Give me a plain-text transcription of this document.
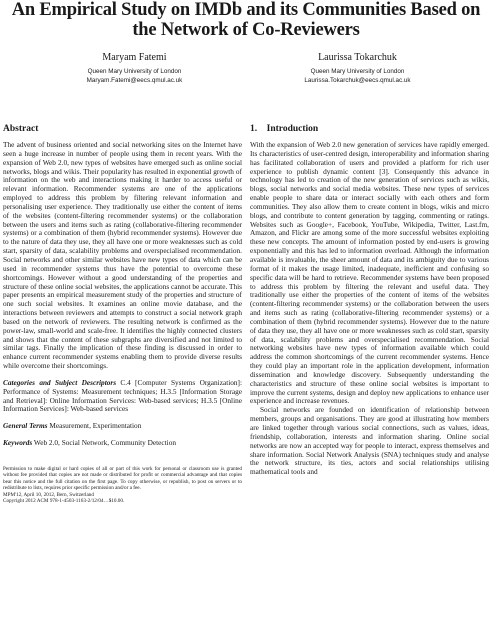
An Empirical Study on IMDb and its Communities Based on the Network of Co-Reviewers
Maryam Fatemi
Queen Mary University of London
Maryam.Fatemi@eecs.qmul.ac.uk
Laurissa Tokarchuk
Queen Mary University of London
Laurissa.Tokarchuk@eecs.qmul.ac.uk
Abstract

The advent of business oriented and social networking sites on the Internet have seen a huge increase in number of people using them in recent years. With the expansion of Web 2.0, new types of websites have emerged such as online social networks, blogs and wikis. Their popularity has resulted in exponential growth of information on the web and interactions making it harder to access useful or relevant information. Recommender systems are one of the applications employed to address this problem by filtering relevant information and personalising user experience. They traditionally use either the content of items of the websites (content-filtering recommender systems) or the collaboration between the users and items such as rating (collaborative-filtering recommender systems) or a combination of them (hybrid recommender systems). However due to the nature of data they use, they all have one or more weaknesses such as cold start, sparsity of data, scalability problems and overspecialised recommendation. Social networks and other similar websites have new types of data which can be used in recommender systems thus have the potential to overcome these shortcomings. However without a good understanding of the properties and structure of these online social websites, the applications cannot be accurate. This paper presents an empirical measurement study of the properties and structure of one such social websites. It examines an online movie database, and the interactions between reviewers and attempts to construct a social network graph based on the network of reviewers. The resulting network is confirmed as the power-law, small-world and scale-free. It identifies the highly connected clusters and shows that the content of these subgraphs are diversified and not limited to similar tags. Finally the implication of these finding is discussed in order to enhance current recommender systems enabling them to provide diverse results while overcome their shortcomings.

Categories and Subject Descriptors C.4 [Computer Systems Organization]: Performance of Systems: Measurement techniques; H.3.5 [Information Storage and Retrieval]: Online Information Services: Web-based services; H.3.5 [Online Information Services]: Web-based services

General Terms Measurement, Experimentation

Keywords Web 2.0, Social Network, Community Detection

Permission to make digital or hard copies of all or part of this work for personal or classroom use is granted without fee provided that copies are not made or distributed for profit or commercial advantage and that copies bear this notice and the full citation on the first page. To copy otherwise, or republish, to post on servers or to redistribute to lists, requires prior specific permission and/or a fee.
MPM'12, April 10, 2012, Bern, Switzerland
Copyright 2012 ACM 978-1-4503-1163-2/12/04…$10.00.
1.    Introduction

With the expansion of Web 2.0 new generation of services have rapidly emerged. Its characteristics of user-centred design, interoperability and information sharing has facilitated collaboration of users and provided a platform for rich user experience to publish dynamic content [3]. Consequently this advance in technology has led to creation of the new generation of services such as wikis, blogs, social networks and social media websites. These new types of services enable people to share data or interact socially with each others and form communities. They also allow them to create content in blogs, wikis and micro blogs, and contribute to content generation by tagging, commenting or ratings. Websites such as Google+, Facebook, YouTube, Wikipedia, Twitter, Last.fm, Amazon, and Flickr are among some of the more successful websites exploiting these new concepts. The amount of information posted by end-users is growing exponentially and this has led to information overload. Although the information available is invaluable, the sheer amount of data and its ambiguity due to various format of it makes the usage limited, inadequate, inefficient and confusing so specific data will be hard to retrieve. Recommender systems have been proposed to address this problem by filtering the relevant and useful data. They traditionally use either the properties of the content of items of the websites (content-filtering recommender systems) or the collaboration between the users and items such as rating (collaborative-filtering recommender systems) or a combination of them (hybrid recommender systems). However due to the nature of data they use, they all have one or more weaknesses such as cold start, sparsity of data, scalability problems and overspecialised recommendation. Social networking websites have new types of information available which could address the common shortcomings of the current recommender systems. Hence they could play an important role in the application development, information dissemination and knowledge discovery. Subsequently understanding the characteristics and structure of these online social websites is important to improve the current systems, design and deploy new applications to enhance user experience and increase revenues.

Social networks are founded on identification of relationship between members, groups and organisations. They are good at illustrating how members are linked together through various social connections, such as values, ideas, friendship, collaboration, interests and information sharing. Online social networks are now an accepted way for people to interact, express themselves and share information. Social Network Analysis (SNA) techniques study and analyse the network structure, its ties, actors and social relationships utilising mathematical tools and
